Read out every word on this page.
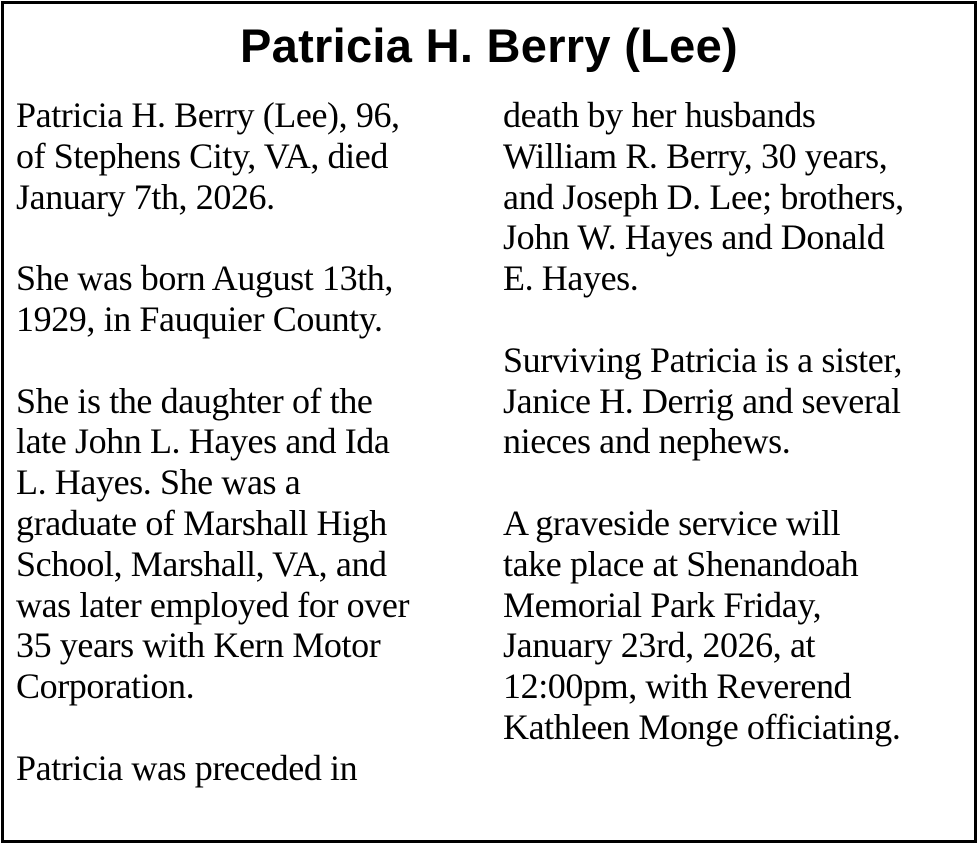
Patricia H. Berry (Lee)
Patricia H. Berry (Lee), 96,
of Stephens City, VA, died
January 7th, 2026.
She was born August 13th,
1929, in Fauquier County.
She is the daughter of the
late John L. Hayes and Ida
L. Hayes. She was a
graduate of Marshall High
School, Marshall, VA, and
was later employed for over
35 years with Kern Motor
Corporation.
Patricia was preceded in
death by her husbands
William R. Berry, 30 years,
and Joseph D. Lee; brothers,
John W. Hayes and Donald
E. Hayes.
Surviving Patricia is a sister,
Janice H. Derrig and several
nieces and nephews.
A graveside service will
take place at Shenandoah
Memorial Park Friday,
January 23rd, 2026, at
12:00pm, with Reverend
Kathleen Monge officiating.
